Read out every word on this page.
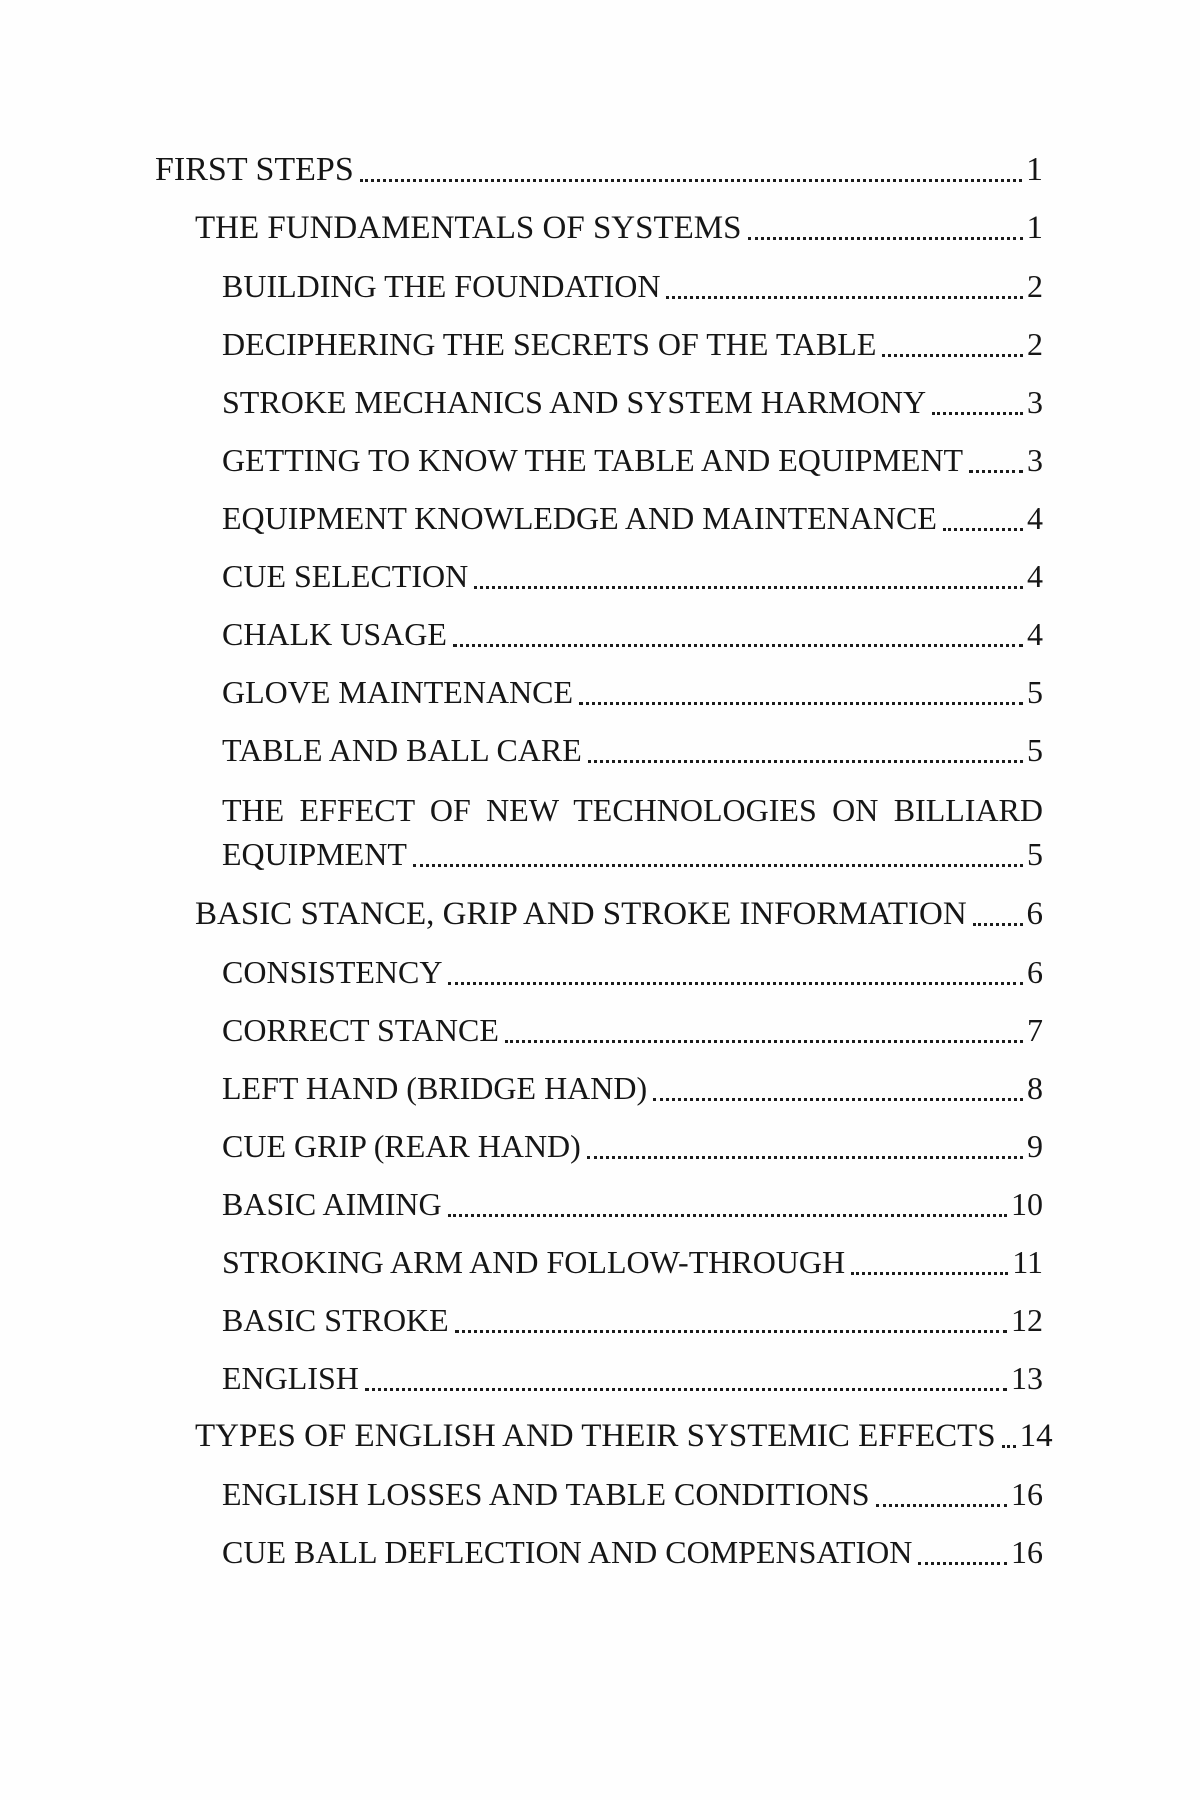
FIRST STEPS	1
THE FUNDAMENTALS OF SYSTEMS	1
BUILDING THE FOUNDATION	2
DECIPHERING THE SECRETS OF THE TABLE	2
STROKE MECHANICS AND SYSTEM HARMONY	3
GETTING TO KNOW THE TABLE AND EQUIPMENT 3
EQUIPMENT KNOWLEDGE AND MAINTENANCE	4
CUE SELECTION	4
CHALK USAGE	4
GLOVE MAINTENANCE	5
TABLE AND BALL CARE	5
THE EFFECT OF NEW TECHNOLOGIES ON BILLIARD
EQUIPMENT	5
BASIC STANCE, GRIP AND STROKE INFORMATION 6
CONSISTENCY	6
CORRECT STANCE	7
LEFT HAND (BRIDGE HAND)	8
CUE GRIP (REAR HAND)	9
BASIC AIMING	10
STROKING ARM AND FOLLOW-THROUGH	11
BASIC STROKE	12
ENGLISH	13
TYPES OF ENGLISH AND THEIR SYSTEMIC EFFECTS 14
ENGLISH LOSSES AND TABLE CONDITIONS	16
CUE BALL DEFLECTION AND COMPENSATION	16
